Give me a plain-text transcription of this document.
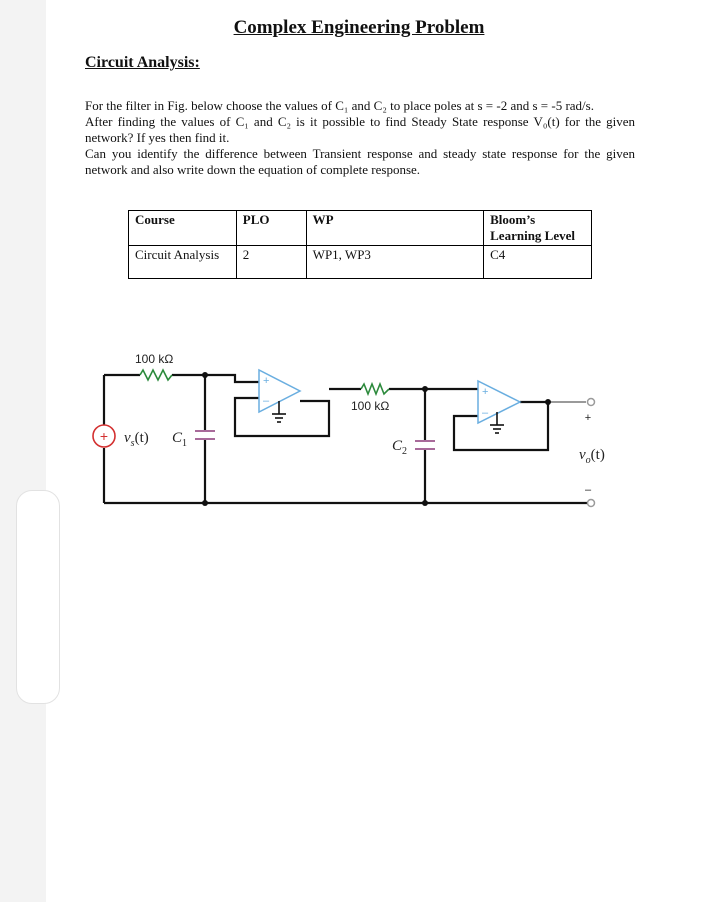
Complex Engineering Problem
Circuit Analysis:

For the filter in Fig. below choose the values of C₁ and C₂ to place poles at s = -2 and s = -5 rad/s.

After finding the values of C₁ and C₂ is it possible to find Steady State response V₀(t) for the given network? If yes then find it.

Can you identify the difference between Transient response and steady state response for the given network and also write down the equation of complete response.

Course	PLO	WP	Bloom’s Learning Level
Circuit Analysis	2	WP1, WP3	C4
+
+
–
+
–
100 kΩ
100 kΩ
+
–
$v_s(t)$ $C_1$	$C_2$	$v_o(t)$
